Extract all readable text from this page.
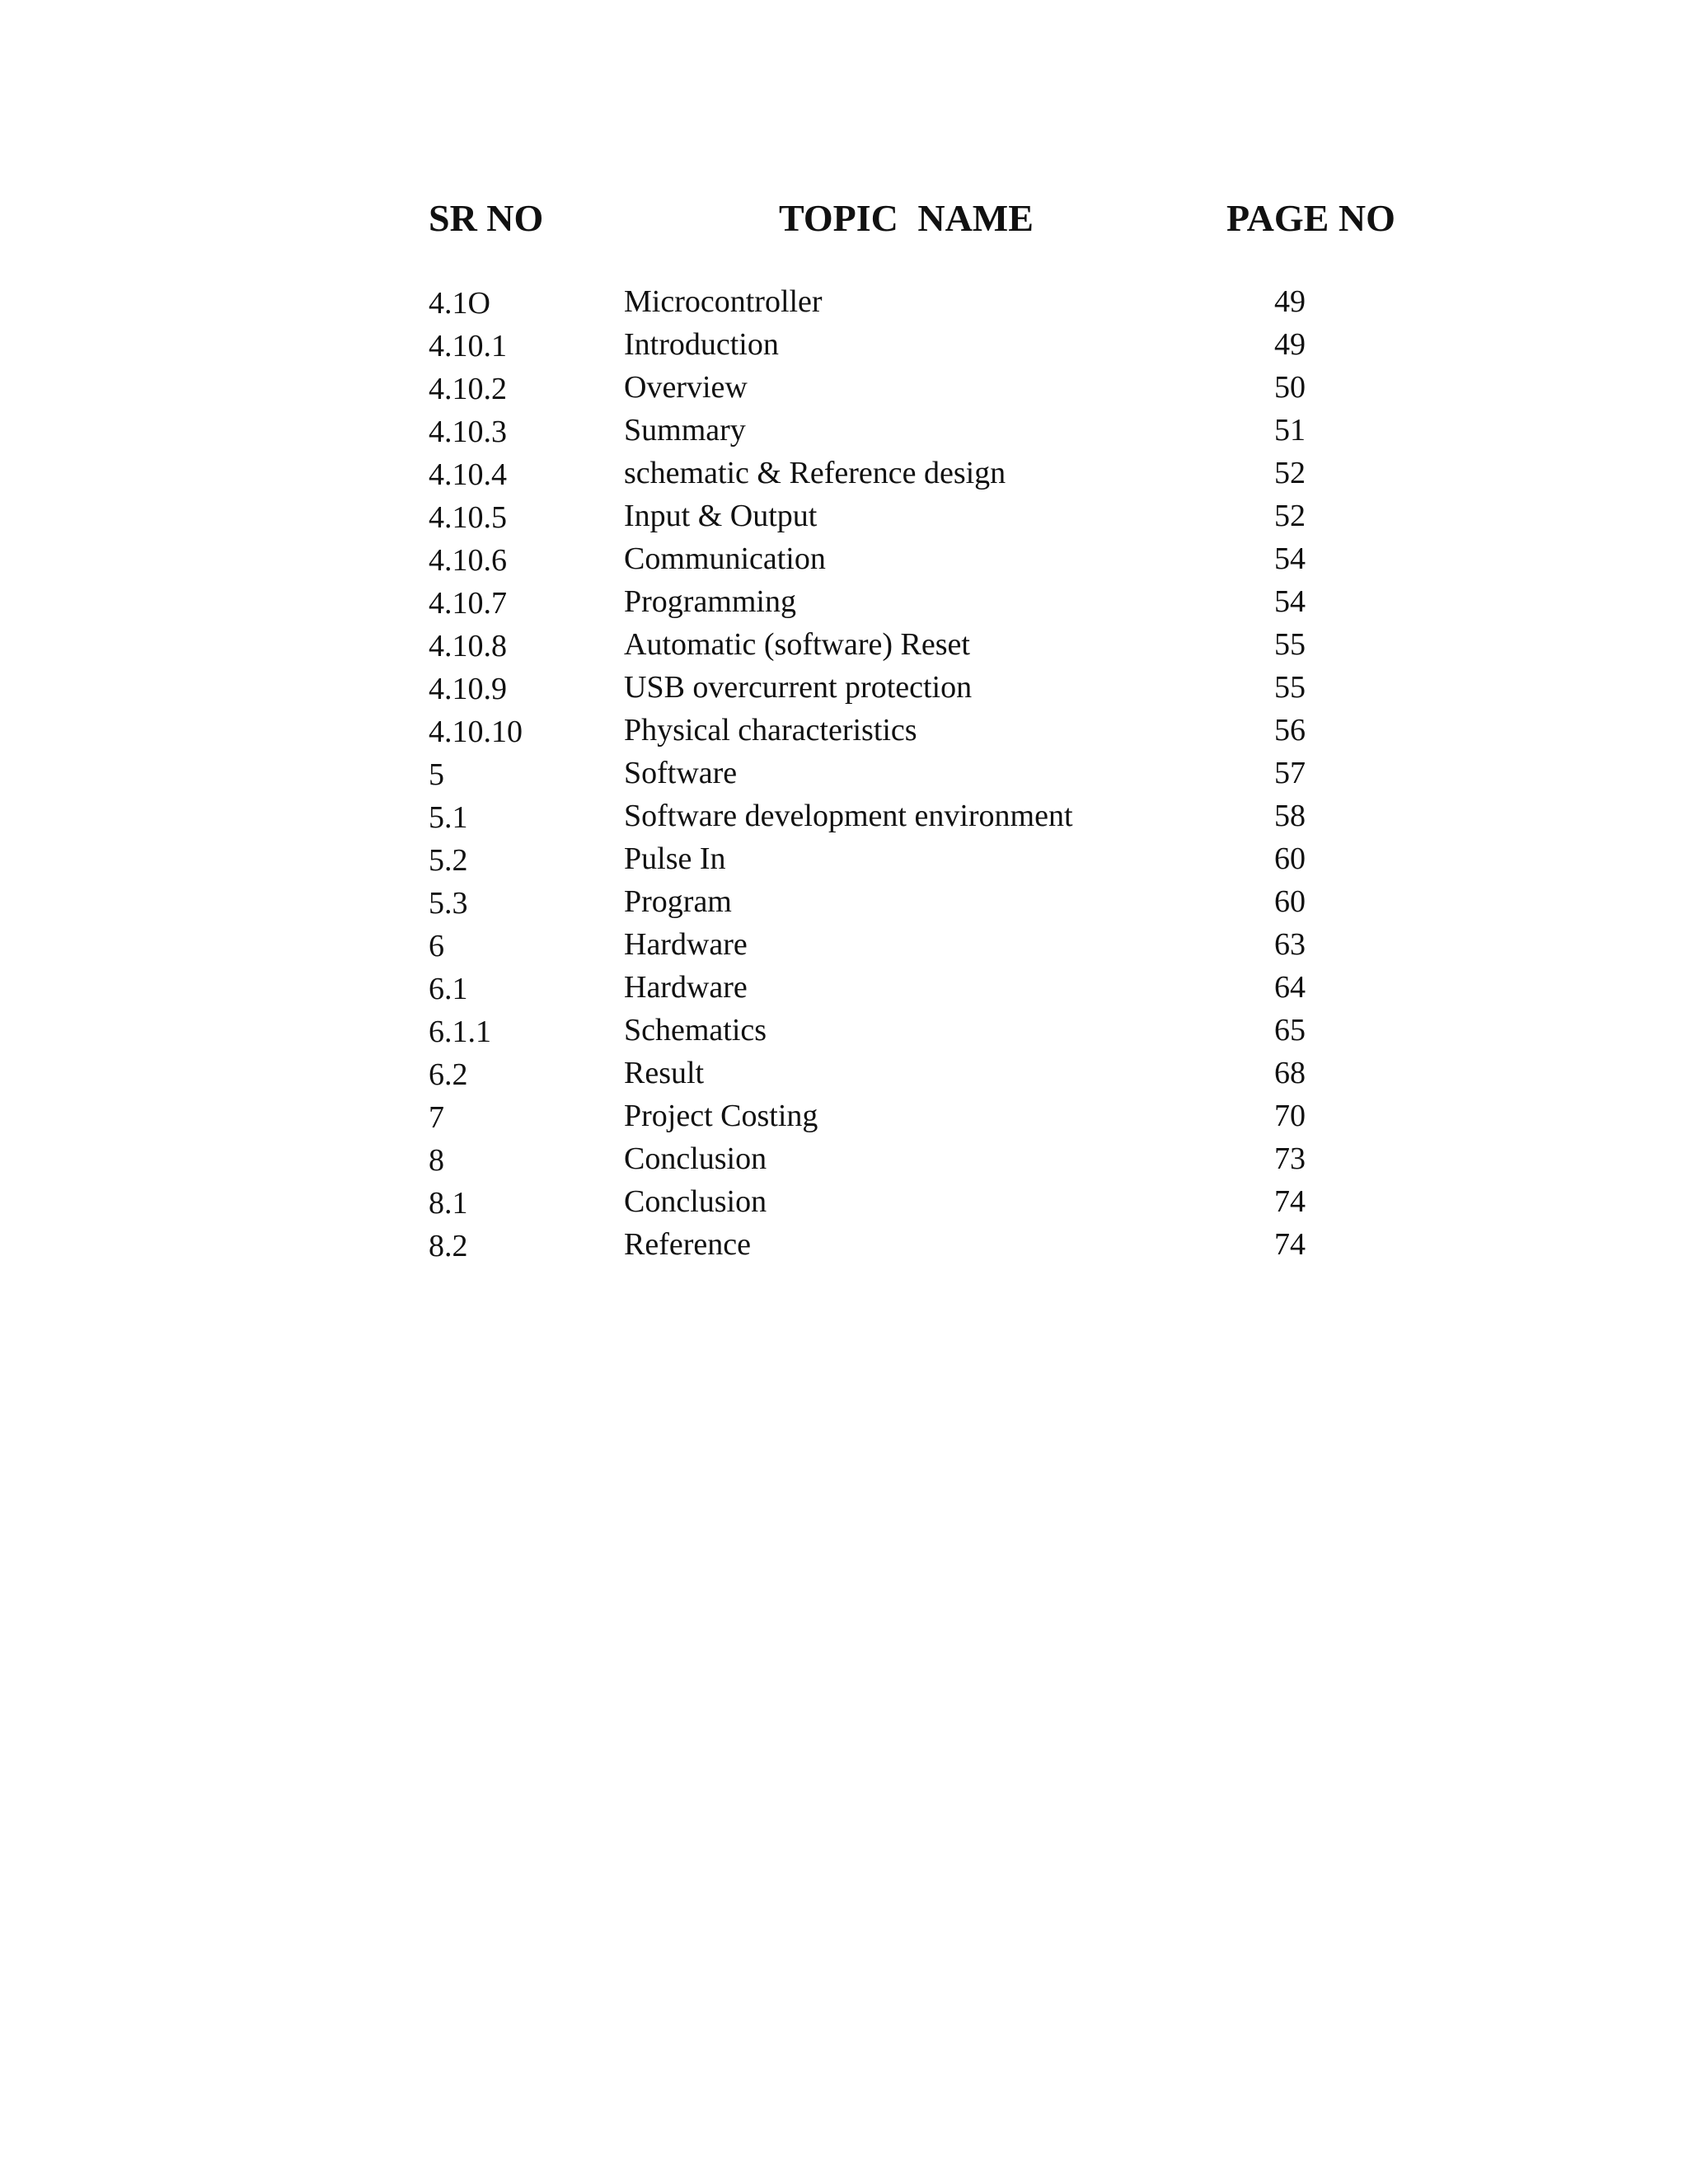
SR NO	TOPIC NAME	PAGE NO
4.1O	Microcontroller	49
4.10.1	Introduction	49
4.10.2	Overview	50
4.10.3	Summary	51
4.10.4	schematic & Reference design	52
4.10.5	Input & Output	52
4.10.6	Communication	54
4.10.7	Programming	54
4.10.8	Automatic (software) Reset	55
4.10.9	USB overcurrent protection	55
4.10.10	Physical characteristics	56
5	Software	57
5.1	Software development environment	58
5.2	Pulse In	60
5.3	Program	60
6	Hardware	63
6.1	Hardware	64
6.1.1	Schematics	65
6.2	Result	68
7	Project Costing	70
8	Conclusion	73
8.1	Conclusion	74
8.2	Reference	74
